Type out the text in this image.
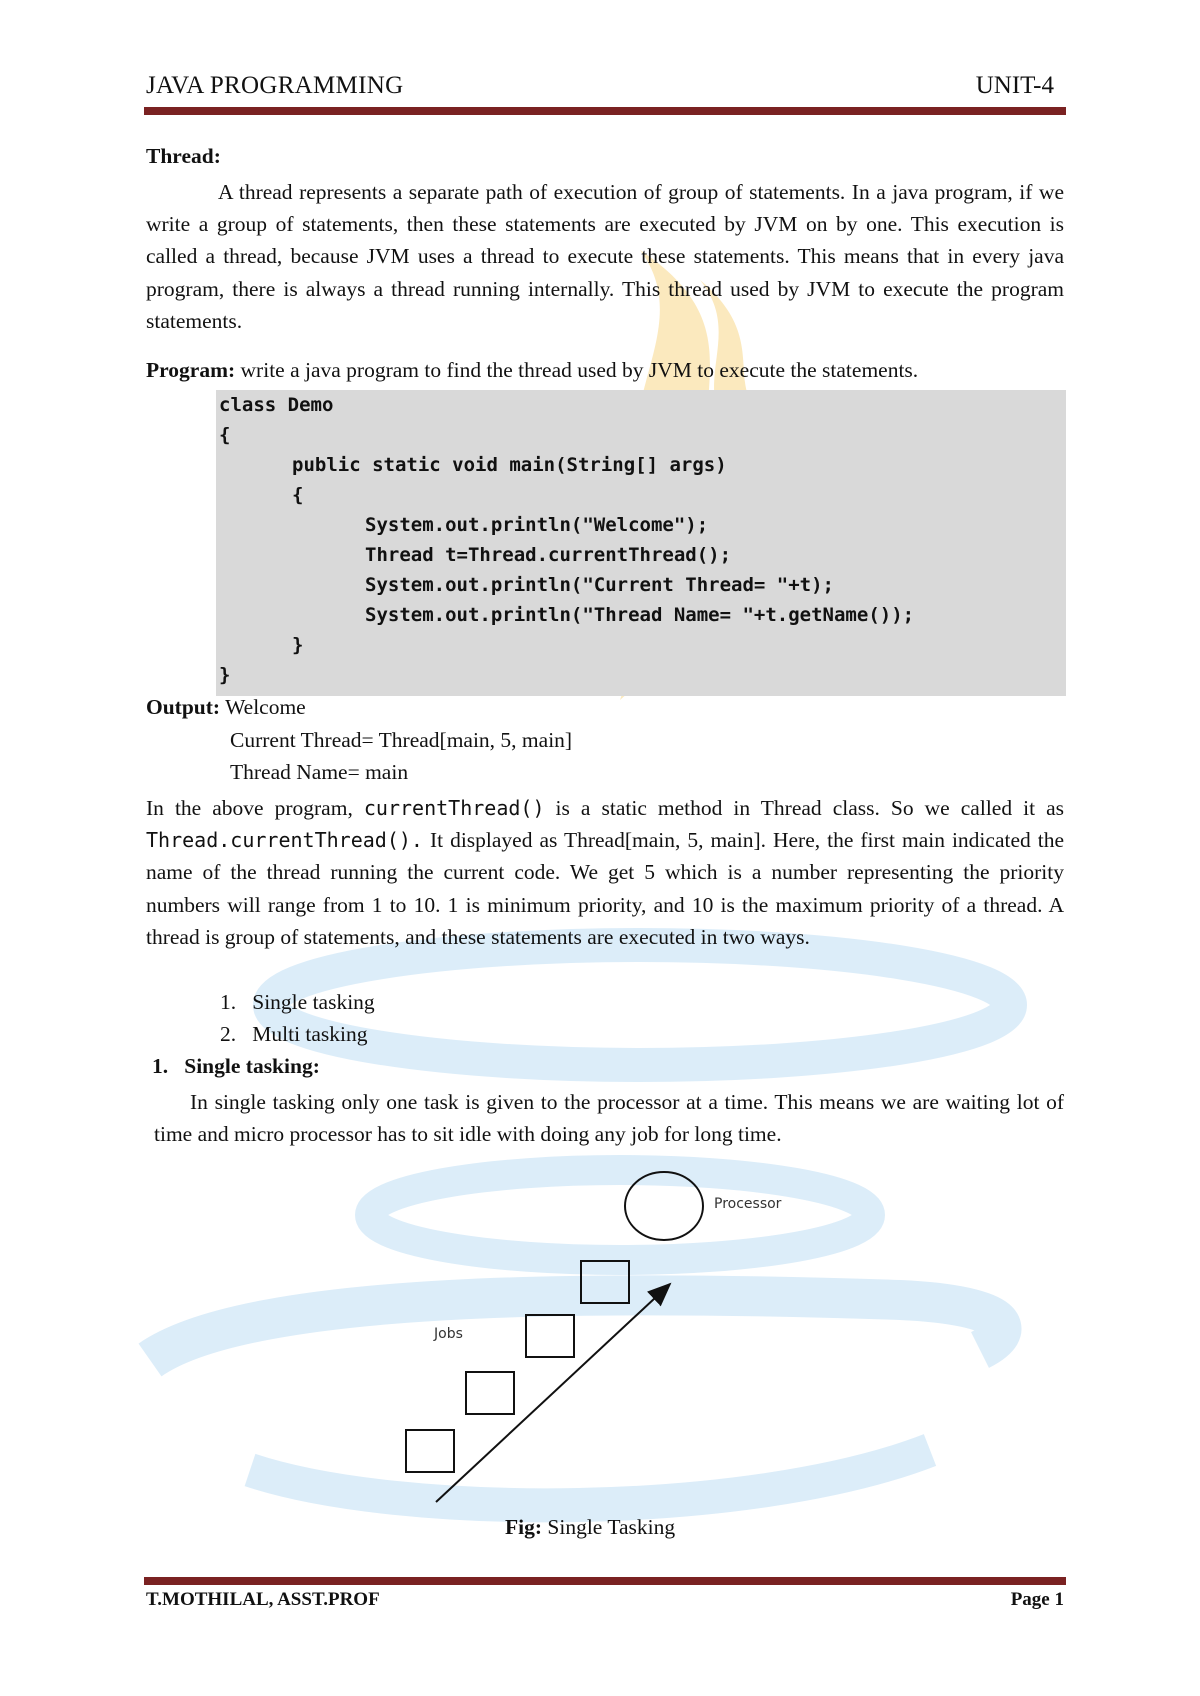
JAVA PROGRAMMING	UNIT-4
Thread:
A thread represents a separate path of execution of group of statements. In a java program, if we write a group of statements, then these statements are executed by JVM on by one. This execution is called a thread, because JVM uses a thread to execute these statements. This means that in every java program, there is always a thread running internally. This thread used by JVM to execute the program statements.
Program: write a java program to find the thread used by JVM to execute the statements.
class Demo
{
public static void main(String[] args)
{
System.out.println("Welcome");
Thread t=Thread.currentThread();
System.out.println("Current Thread= "+t);
System.out.println("Thread Name= "+t.getName());
}
}
Output: Welcome
Current Thread= Thread[main, 5, main]
Thread Name= main
In the above program, currentThread() is a static method in Thread class. So we called it as Thread.currentThread(). It displayed as Thread[main, 5, main]. Here, the first main indicated the name of the thread running the current code. We get 5 which is a number representing the priority numbers will range from 1 to 10. 1 is minimum priority, and 10 is the maximum priority of a thread. A thread is group of statements, and these statements are executed in two ways.
1. Single tasking
2. Multi tasking
1. Single tasking:
In single tasking only one task is given to the processor at a time. This means we are waiting lot of time and micro processor has to sit idle with doing any job for long time.
Processor
Jobs
Fig: Single Tasking
T.MOTHILAL, ASST.PROF	Page 1
